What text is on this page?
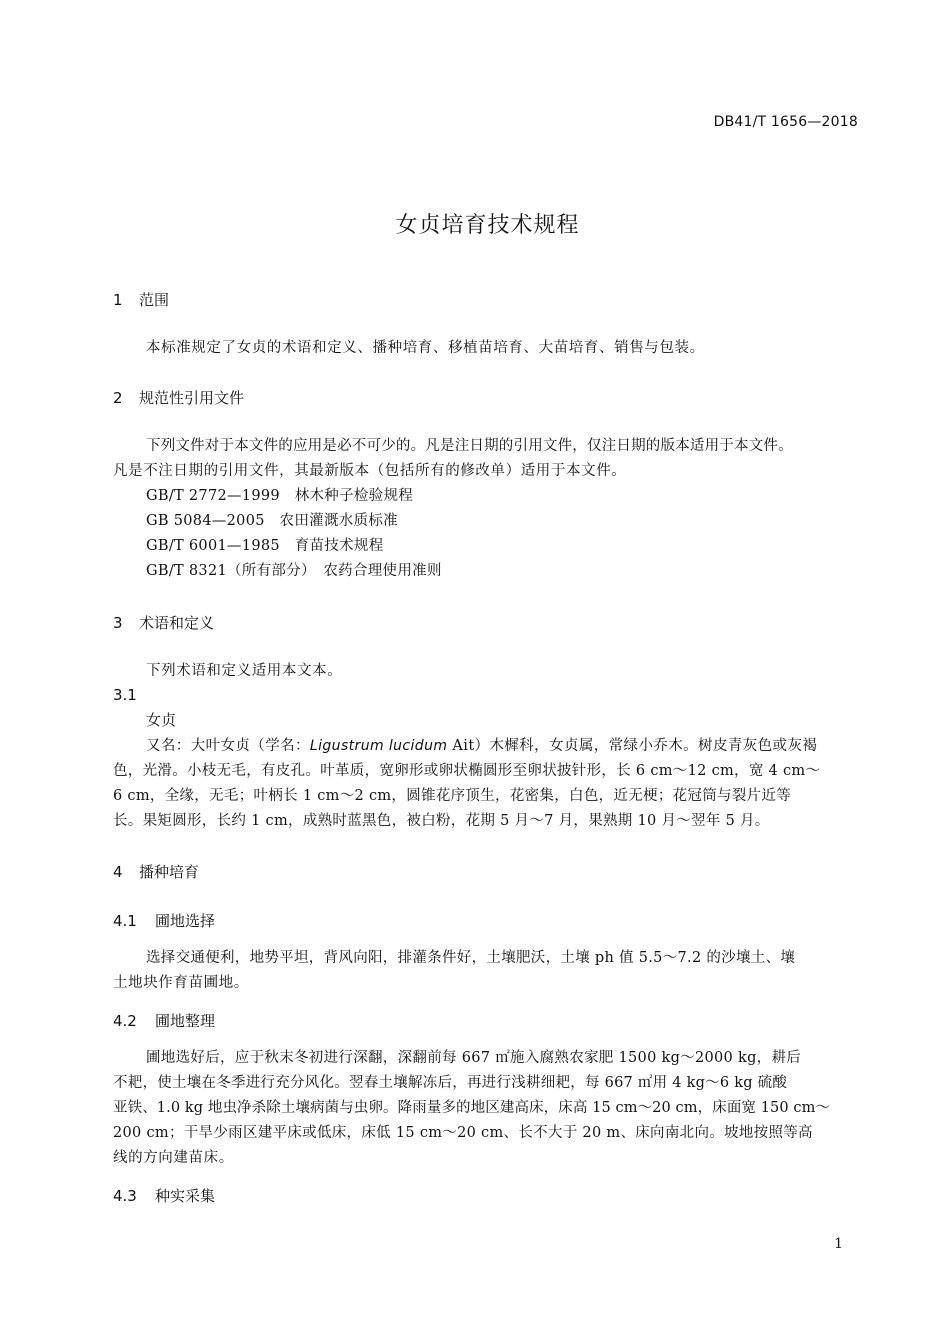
DB41/T 1656—2018
女贞培育技术规程
1 范围
本标准规定了女贞的术语和定义、播种培育、移植苗培育、大苗培育、销售与包装。
2 规范性引用文件
下列文件对于本文件的应用是必不可少的。凡是注日期的引用文件，仅注日期的版本适用于本文件。
凡是不注日期的引用文件，其最新版本（包括所有的修改单）适用于本文件。
GB/T 2772—1999　林木种子检验规程
GB 5084—2005　农田灌溉水质标准
GB/T 6001—1985　育苗技术规程
GB/T 8321（所有部分）　农药合理使用准则
3 术语和定义
下列术语和定义适用本文本。
3.1
女贞
又名：大叶女贞（学名：Ligustrum lucidum Ait）木樨科，女贞属，常绿小乔木。树皮青灰色或灰褐
色，光滑。小枝无毛，有皮孔。叶革质，宽卵形或卵状椭圆形至卵状披针形，长 6 cm～12 cm，宽 4 cm～
6 cm，全缘，无毛；叶柄长 1 cm～2 cm，圆锥花序顶生，花密集，白色，近无梗；花冠筒与裂片近等
长。果矩圆形，长约 1 cm，成熟时蓝黑色，被白粉，花期 5 月～7 月，果熟期 10 月～翌年 5 月。
4 播种培育
4.1 圃地选择
选择交通便利，地势平坦，背风向阳，排灌条件好，土壤肥沃，土壤 ph 值 5.5～7.2 的沙壤土、壤
土地块作育苗圃地。
4.2 圃地整理
圃地选好后，应于秋末冬初进行深翻，深翻前每 667 ㎡施入腐熟农家肥 1500 kg～2000 kg，耕后
不耙，使土壤在冬季进行充分风化。翌春土壤解冻后，再进行浅耕细耙，每 667 ㎡用 4 kg～6 kg 硫酸
亚铁、1.0 kg 地虫净杀除土壤病菌与虫卵。降雨量多的地区建高床，床高 15 cm～20 cm，床面宽 150 cm～
200 cm；干旱少雨区建平床或低床，床低 15 cm～20 cm、长不大于 20 m、床向南北向。坡地按照等高
线的方向建苗床。
4.3 种实采集
1
